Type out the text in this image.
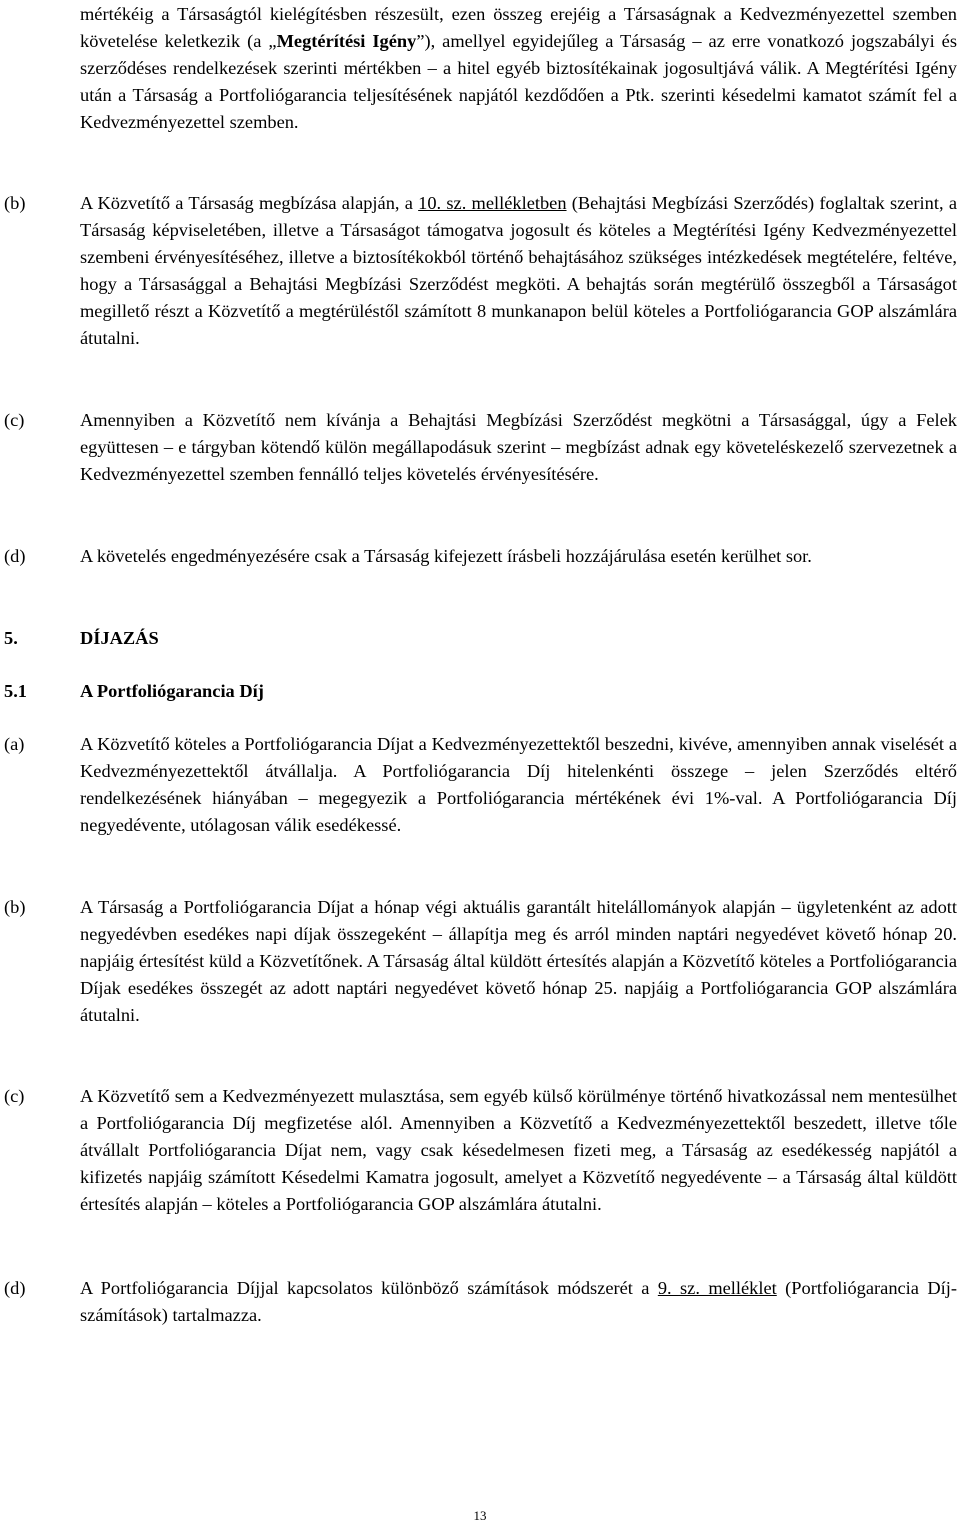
mértékéig a Társaságtól kielégítésben részesült, ezen összeg erejéig a Társaságnak a Kedvezményezettel szemben követelése keletkezik (a „Megtérítési Igény”), amellyel egyidejűleg a Társaság – az erre vonatkozó jogszabályi és szerződéses rendelkezések szerinti mértékben – a hitel egyéb biztosítékainak jogosultjává válik. A Megtérítési Igény után a Társaság a Portfoliógarancia teljesítésének napjától kezdődően a Ptk. szerinti késedelmi kamatot számít fel a Kedvezményezettel szemben.
(b)	A Közvetítő a Társaság megbízása alapján, a 10. sz. mellékletben (Behajtási Megbízási Szerződés) foglaltak szerint, a Társaság képviseletében, illetve a Társaságot támogatva jogosult és köteles a Megtérítési Igény Kedvezményezettel szembeni érvényesítéséhez, illetve a biztosítékokból történő behajtásához szükséges intézkedések megtételére, feltéve, hogy a Társasággal a Behajtási Megbízási Szerződést megköti. A behajtás során megtérülő összegből a Társaságot megillető részt a Közvetítő a megtérüléstől számított 8 munkanapon belül köteles a Portfoliógarancia GOP alszámlára átutalni.
(c)	Amennyiben a Közvetítő nem kívánja a Behajtási Megbízási Szerződést megkötni a Társasággal, úgy a Felek együttesen – e tárgyban kötendő külön megállapodásuk szerint – megbízást adnak egy követeléskezelő szervezetnek a Kedvezményezettel szemben fennálló teljes követelés érvényesítésére.
(d)	A követelés engedményezésére csak a Társaság kifejezett írásbeli hozzájárulása esetén kerülhet sor.
5.	DÍJAZÁS
5.1	A Portfoliógarancia Díj
(a)	A Közvetítő köteles a Portfoliógarancia Díjat a Kedvezményezettektől beszedni, kivéve, amennyiben annak viselését a Kedvezményezettektől átvállalja. A Portfoliógarancia Díj hitelenkénti összege – jelen Szerződés eltérő rendelkezésének hiányában – megegyezik a Portfoliógarancia mértékének évi 1%-val. A Portfoliógarancia Díj negyedévente, utólagosan válik esedékessé.
(b)	A Társaság a Portfoliógarancia Díjat a hónap végi aktuális garantált hitelállományok alapján – ügyletenként az adott negyedévben esedékes napi díjak összegeként – állapítja meg és arról minden naptári negyedévet követő hónap 20. napjáig értesítést küld a Közvetítőnek. A Társaság által küldött értesítés alapján a Közvetítő köteles a Portfoliógarancia Díjak esedékes összegét az adott naptári negyedévet követő hónap 25. napjáig a Portfoliógarancia GOP alszámlára átutalni.
(c)	A Közvetítő sem a Kedvezményezett mulasztása, sem egyéb külső körülménye történő hivatkozással nem mentesülhet a Portfoliógarancia Díj megfizetése alól. Amennyiben a Közvetítő a Kedvezményezettektől beszedett, illetve tőle átvállalt Portfoliógarancia Díjat nem, vagy csak késedelmesen fizeti meg, a Társaság az esedékesség napjától a kifizetés napjáig számított Késedelmi Kamatra jogosult, amelyet a Közvetítő negyedévente – a Társaság által küldött értesítés alapján – köteles a Portfoliógarancia GOP alszámlára átutalni.
(d)	A Portfoliógarancia Díjjal kapcsolatos különböző számítások módszerét a 9. sz. melléklet (Portfoliógarancia Díj-számítások) tartalmazza.
13
